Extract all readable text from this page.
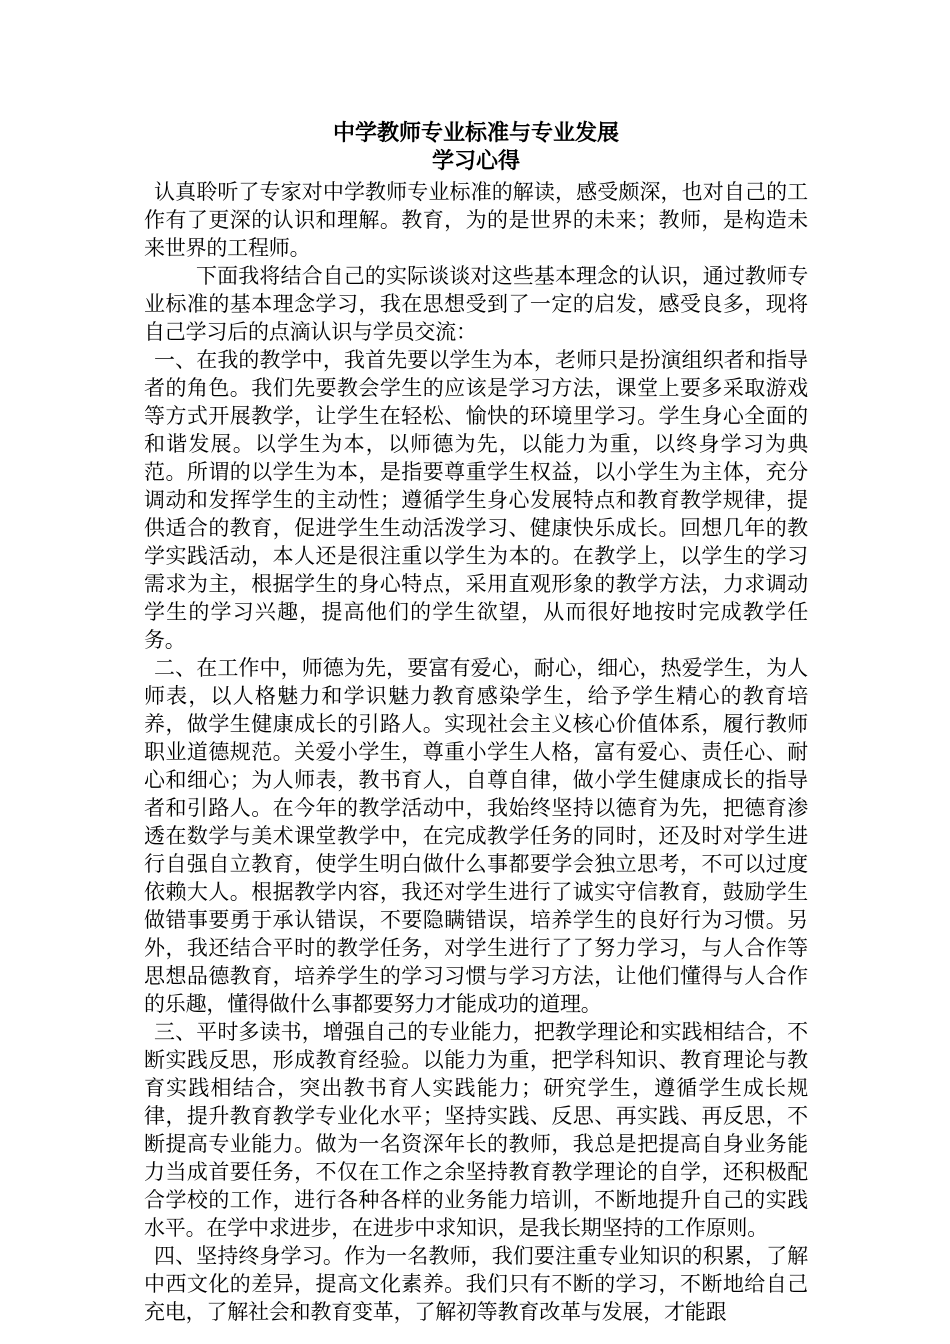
中学教师专业标准与专业发展
学习心得

认真聆听了专家对中学教师专业标准的解读，感受颇深，也对自己的工作有了更深的认识和理解。教育，为的是世界的未来；教师，是构造未来世界的工程师。

下面我将结合自己的实际谈谈对这些基本理念的认识，通过教师专业标准的基本理念学习，我在思想受到了一定的启发，感受良多，现将自己学习后的点滴认识与学员交流：

一、在我的教学中，我首先要以学生为本，老师只是扮演组织者和指导者的角色。我们先要教会学生的应该是学习方法，课堂上要多采取游戏等方式开展教学，让学生在轻松、愉快的环境里学习。学生身心全面的和谐发展。以学生为本，以师德为先，以能力为重，以终身学习为典范。所谓的以学生为本，是指要尊重学生权益，以小学生为主体，充分调动和发挥学生的主动性；遵循学生身心发展特点和教育教学规律，提供适合的教育，促进学生生动活泼学习、健康快乐成长。回想几年的教学实践活动，本人还是很注重以学生为本的。在教学上，以学生的学习需求为主，根据学生的身心特点，采用直观形象的教学方法，力求调动学生的学习兴趣，提高他们的学生欲望，从而很好地按时完成教学任务。

二、在工作中，师德为先，要富有爱心，耐心，细心，热爱学生，为人师表，以人格魅力和学识魅力教育感染学生，给予学生精心的教育培养，做学生健康成长的引路人。实现社会主义核心价值体系，履行教师职业道德规范。关爱小学生，尊重小学生人格，富有爱心、责任心、耐心和细心；为人师表，教书育人，自尊自律，做小学生健康成长的指导者和引路人。在今年的教学活动中，我始终坚持以德育为先，把德育渗透在数学与美术课堂教学中，在完成教学任务的同时，还及时对学生进行自强自立教育，使学生明白做什么事都要学会独立思考，不可以过度依赖大人。根据教学内容，我还对学生进行了诚实守信教育，鼓励学生做错事要勇于承认错误，不要隐瞒错误，培养学生的良好行为习惯。另外，我还结合平时的教学任务，对学生进行了了努力学习，与人合作等思想品德教育，培养学生的学习习惯与学习方法，让他们懂得与人合作的乐趣，懂得做什么事都要努力才能成功的道理。

三、平时多读书，增强自己的专业能力，把教学理论和实践相结合，不断实践反思，形成教育经验。以能力为重，把学科知识、教育理论与教育实践相结合，突出教书育人实践能力；研究学生，遵循学生成长规律，提升教育教学专业化水平；坚持实践、反思、再实践、再反思，不断提高专业能力。做为一名资深年长的教师，我总是把提高自身业务能力当成首要任务，不仅在工作之余坚持教育教学理论的自学，还积极配合学校的工作，进行各种各样的业务能力培训，不断地提升自己的实践水平。在学中求进步，在进步中求知识，是我长期坚持的工作原则。

四、坚持终身学习。作为一名教师，我们要注重专业知识的积累，了解中西文化的差异，提高文化素养。我们只有不断的学习，不断地给自己充电，了解社会和教育变革，了解初等教育改革与发展，才能跟
